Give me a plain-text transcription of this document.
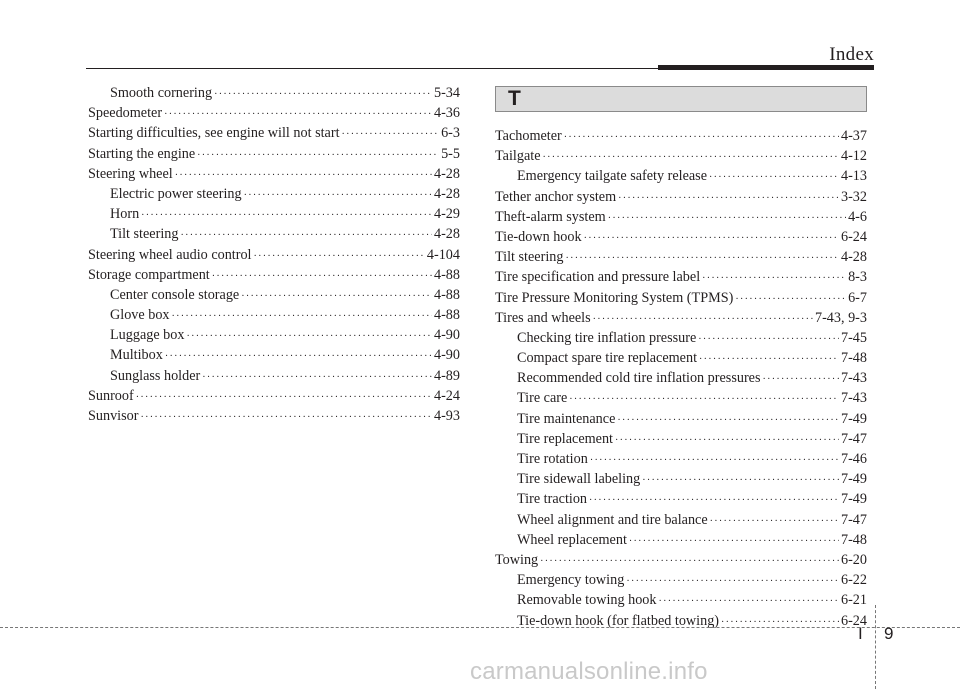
Index
Smooth cornering ·····	5-34
Speedometer ·····	4-36
Starting difficulties, see engine will not start ·····	6-3
Starting the engine ·····	5-5
Steering wheel ·····	4-28
Electric power steering ·····	4-28
Horn ·····	4-29
Tilt steering ·····	4-28
Steering wheel audio control ·····	4-104
Storage compartment ·····	4-88
Center console storage ·····	4-88
Glove box ·····	4-88
Luggage box ·····	4-90
Multibox ·····	4-90
Sunglass holder ·····	4-89
Sunroof ·····	4-24
Sunvisor ·····	4-93
T
Tachometer ·····	4-37
Tailgate ·····	4-12
Emergency tailgate safety release ·····	4-13
Tether anchor system ·····	3-32
Theft-alarm system ·····	4-6
Tie-down hook ·····	6-24
Tilt steering ·····	4-28
Tire specification and pressure label ·····	8-3
Tire Pressure Monitoring System (TPMS) ·····	6-7
Tires and wheels ·····	7-43, 9-3
Checking tire inflation pressure ·····	7-45
Compact spare tire replacement ·····	7-48
Recommended cold tire inflation pressures ·····	7-43
Tire care ·····	7-43
Tire maintenance ·····	7-49
Tire replacement ·····	7-47
Tire rotation ·····	7-46
Tire sidewall labeling ·····	7-49
Tire traction ·····	7-49
Wheel alignment and tire balance ·····	7-47
Wheel replacement ·····	7-48
Towing ·····	6-20
Emergency towing ·····	6-22
Removable towing hook ·····	6-21
Tie-down hook (for flatbed towing) ·····	6-24
I 9
carmanualsonline.info
